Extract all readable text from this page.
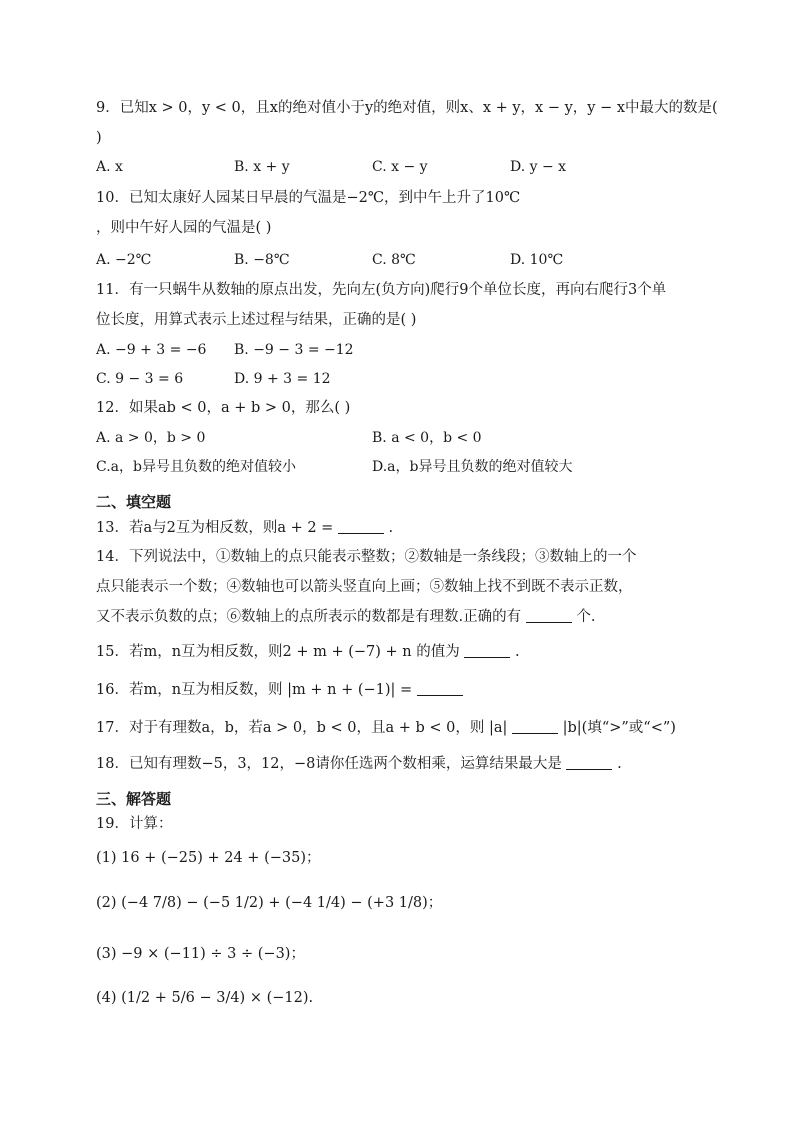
9．已知x > 0，y < 0，且x的绝对值小于y的绝对值，则x、x + y，x − y，y − x中最大的数是(
)
A. x	B. x + y	C. x − y	D. y − x
10．已知太康好人园某日早晨的气温是−2℃，到中午上升了10℃
，则中午好人园的气温是( )
A. −2℃	B. −8℃	C. 8℃	D. 10℃
11．有一只蜗牛从数轴的原点出发，先向左(负方向)爬行9个单位长度，再向右爬行3个单
位长度，用算式表示上述过程与结果，正确的是( )
A. −9 + 3 = −6 B. −9 − 3 = −12
C. 9 − 3 = 6	D. 9 + 3 = 12
12．如果ab < 0，a + b > 0，那么( )
A. a > 0，b > 0	B. a < 0，b < 0
C.a，b异号且负数的绝对值较小	D.a，b异号且负数的绝对值较大
二、填空题
13．若a与2互为相反数，则a + 2 =	.
14．下列说法中，①数轴上的点只能表示整数；②数轴是一条线段；③数轴上的一个
点只能表示一个数；④数轴也可以箭头竖直向上画；⑤数轴上找不到既不表示正数，
又不表示负数的点；⑥数轴上的点所表示的数都是有理数.正确的有	个.
15．若m，n互为相反数，则2 + m + (−7) + n 的值为	.
16．若m，n互为相反数，则 |m + n + (−1)| =
17．对于有理数a，b，若a > 0，b < 0，且a + b < 0，则 |a|	|b|(填“>”或“<”)
18．已知有理数−5，3，12，−8请你任选两个数相乘，运算结果最大是	.
三、解答题
19．计算：
(1) 16 + (−25) + 24 + (−35)；
(2) (−4 7/8) − (−5 1/2) + (−4 1/4) − (+3 1/8)；
(3) −9 × (−11) ÷ 3 ÷ (−3)；
(4) (1/2 + 5/6 − 3/4) × (−12).
